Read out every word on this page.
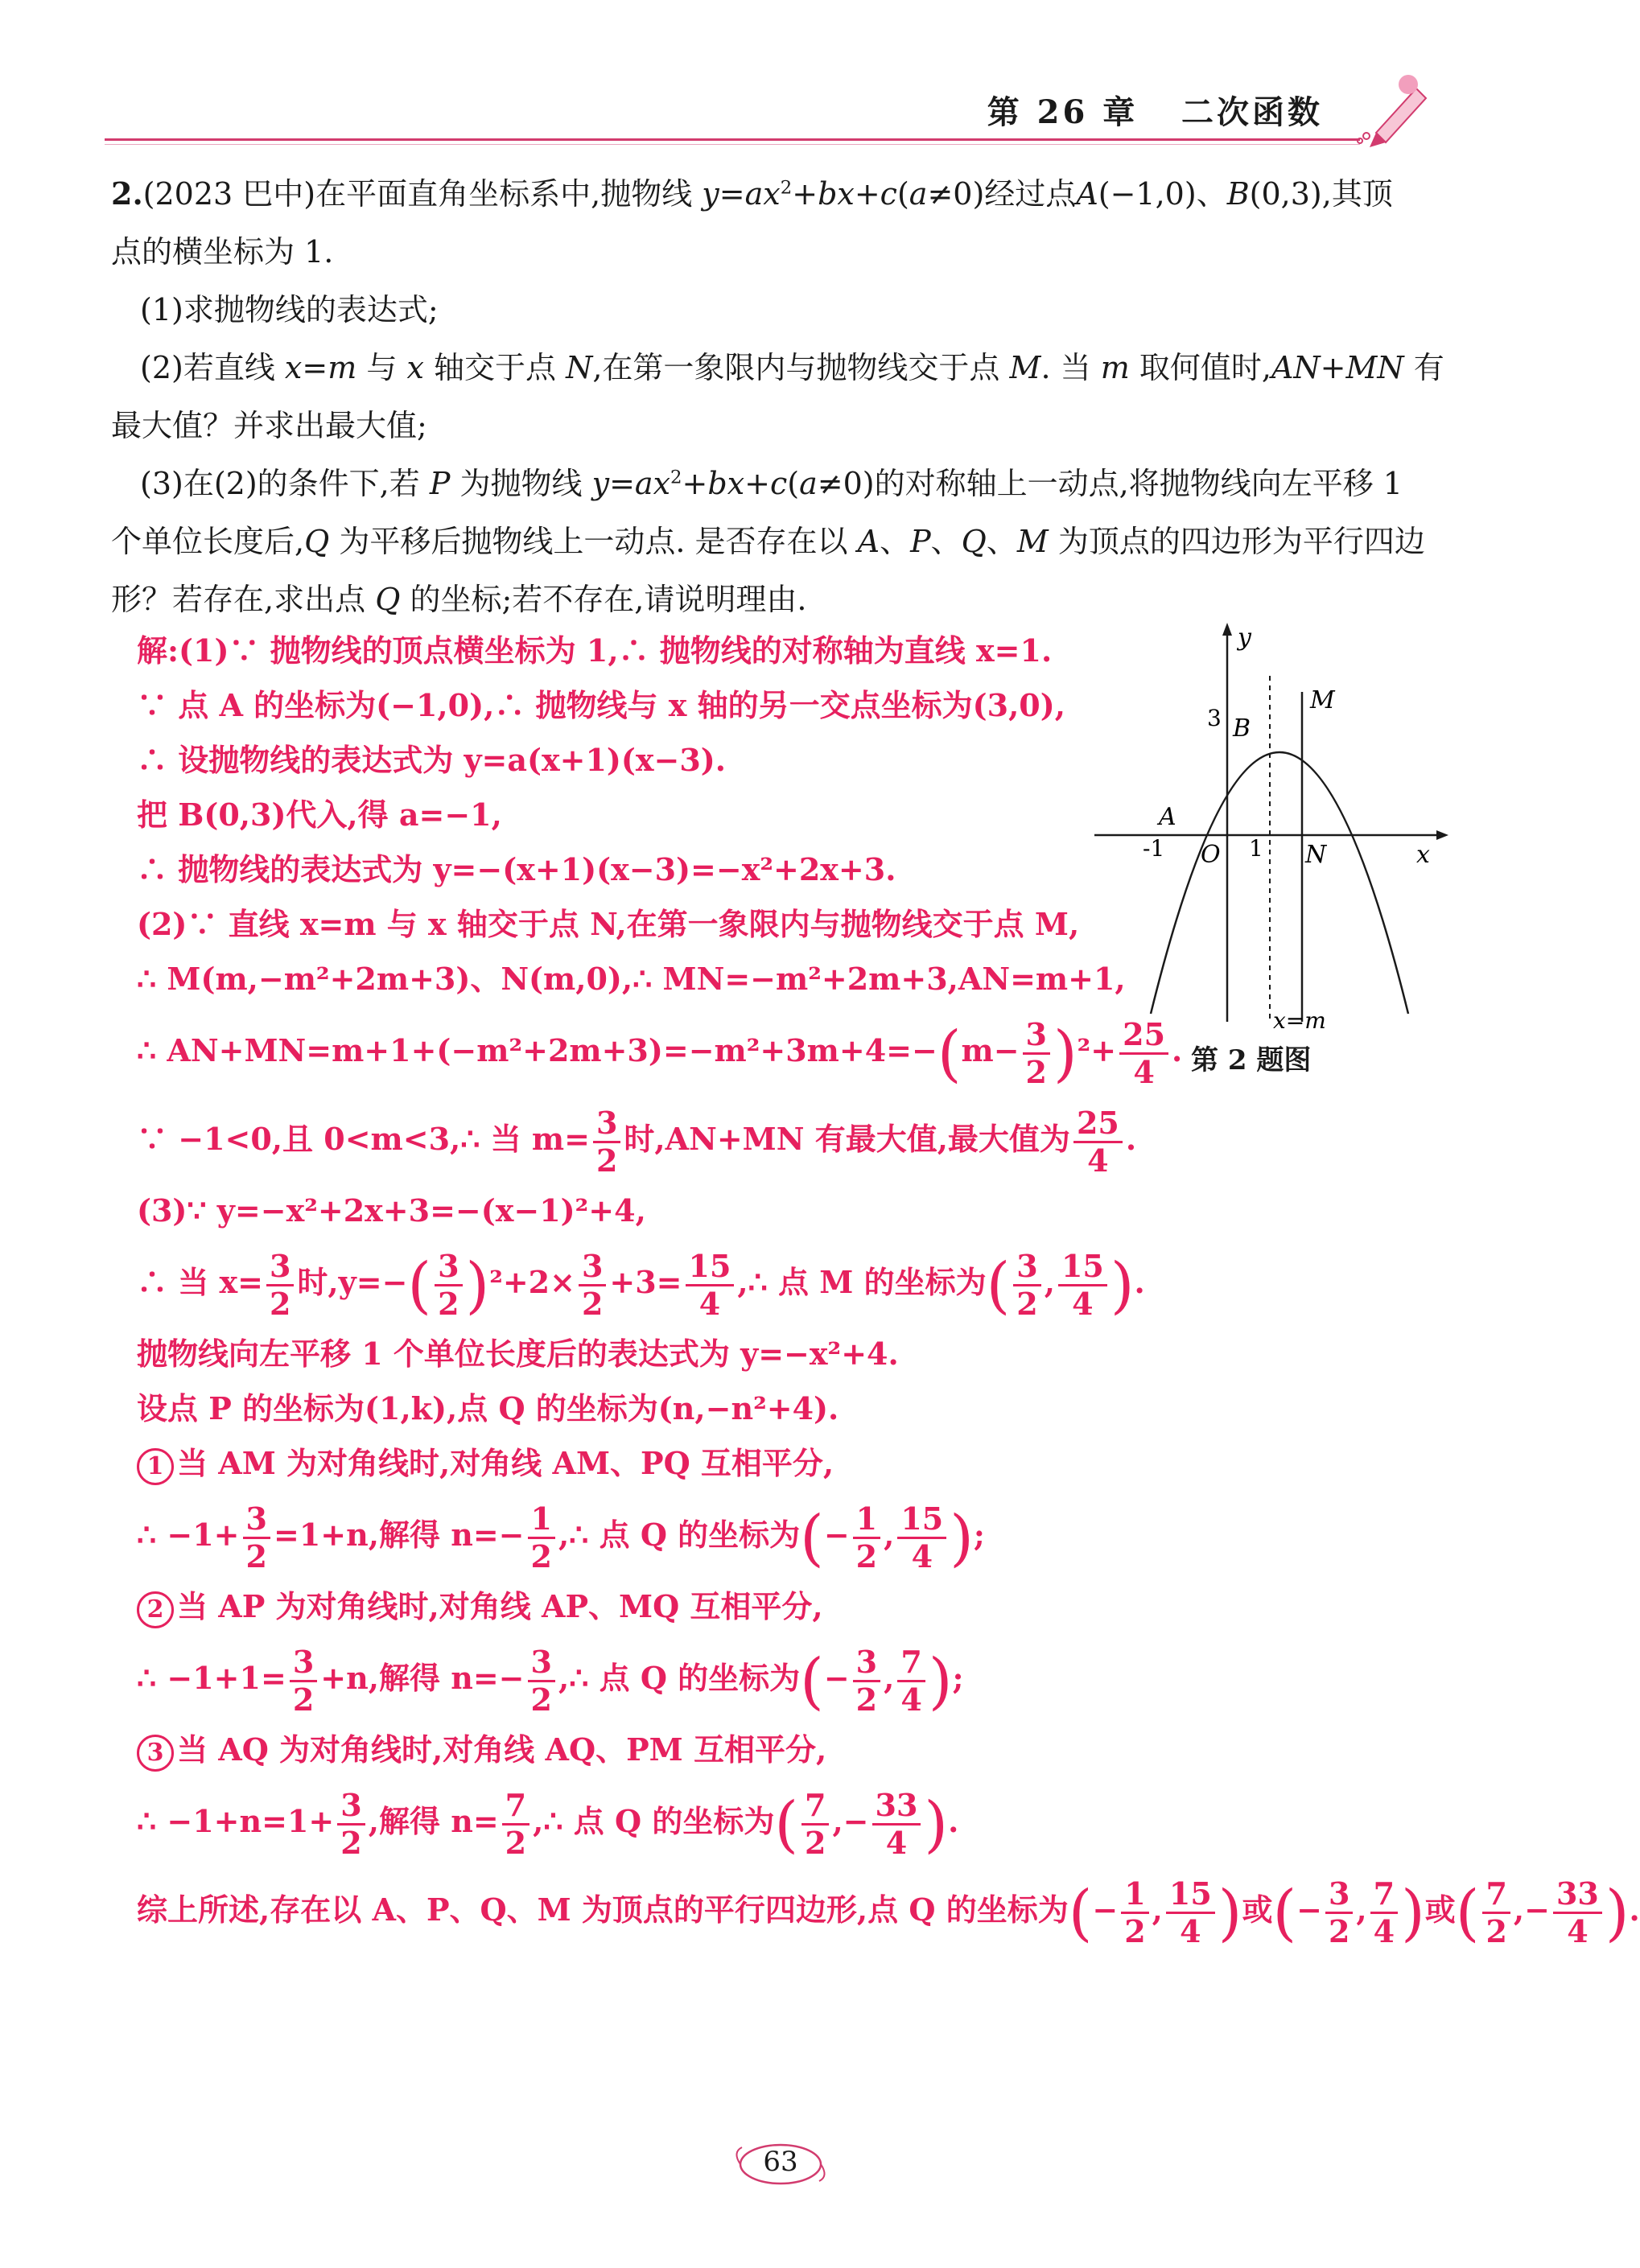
第 26 章 二次函数

2.(2023 巴中)在平面直角坐标系中,抛物线 $y=ax^2+bx+c(a\ne 0)$经过点A(−1,0)、B(0,3),其顶

点的横坐标为 1.

(1)求抛物线的表达式;

(2)若直线 x=m 与 x 轴交于点 N,在第一象限内与抛物线交于点 M. 当 m 取何值时,AN+MN 有

最大值？并求出最大值;

(3)在(2)的条件下,若 P 为抛物线 $y=ax^2+bx+c(a\ne 0)$的对称轴上一动点,将抛物线向左平移 1

个单位长度后,Q 为平移后抛物线上一动点. 是否存在以 A、P、Q、M 为顶点的四边形为平行四边

形？若存在,求出点 Q 的坐标;若不存在,请说明理由.

解:(1)∵ 抛物线的顶点横坐标为 1,∴ 抛物线的对称轴为直线 x=1.
∵ 点 A 的坐标为(−1,0),∴ 抛物线与 x 轴的另一交点坐标为(3,0),
∴ 设抛物线的表达式为 y=a(x+1)(x−3).
把 B(0,3)代入,得 a=−1,
∴ 抛物线的表达式为 y=−(x+1)(x−3)=−x²+2x+3.
(2)∵ 直线 x=m 与 x 轴交于点 N,在第一象限内与抛物线交于点 M,
∴ M(m,−m²+2m+3)、N(m,0),∴ MN=−m²+2m+3,AN=m+1,
∴ $AN+MN=m+1+(-m^2+2m+3)=-m^2+3m+4=-(m- \frac{3}{2} )^2+ \frac{25}{4}$ .
∵ −1<0,且 0<m<3,∴ 当 $m= \frac{3}{2}$ 时,AN+MN 有最大值,最大值为 $\frac{25}{4}$ .
(3)∵ y=−x²+2x+3=−(x−1)²+4,
∴ 当 $x= \frac{3}{2}$ 时$,y=-( \frac{3}{2} )^2+2\times \frac{3}{2} +3= \frac{15}{4}$ ,∴ 点 M 的坐标为( $\frac{3}{2}$ , $\frac{15}{4}$ ).
抛物线向左平移 1 个单位长度后的表达式为 y=−x²+4.
设点 P 的坐标为(1,k),点 Q 的坐标为(n,−n²+4).
1 当 AM 为对角线时,对角线 AM、PQ 互相平分,
∴ $-1+ \frac{3}{2} =1+n$,解得 $n=- \frac{1}{2}$ ,∴ 点 Q 的坐标为(− $\frac{1}{2}$ , $\frac{15}{4}$ );
2 当 AP 为对角线时,对角线 AP、MQ 互相平分,
∴ $-1+1= \frac{3}{2} +n$,解得 $n=- \frac{3}{2}$ ,∴ 点 Q 的坐标为(− $\frac{3}{2}$ , $\frac{7}{4}$ );
3 当 AQ 为对角线时,对角线 AQ、PM 互相平分,
∴ $-1+n=1+ \frac{3}{2}$ ,解得 $n= \frac{7}{2}$ ,∴ 点 Q 的坐标为( $\frac{7}{2}$ ,− $\frac{33}{4}$ ).
综上所述,存在以 A、P、Q、M 为顶点的平行四边形,点 Q 的坐标为(− $\frac{1}{2}$ , $\frac{15}{4}$ )或(− $\frac{3}{2}$ , $\frac{7}{4}$ )或( $\frac{7}{2}$ ,− $\frac{33}{4}$ ).
y
x
O
A
B
M
N
3
1
-1
x=m
第 2 题图
63
